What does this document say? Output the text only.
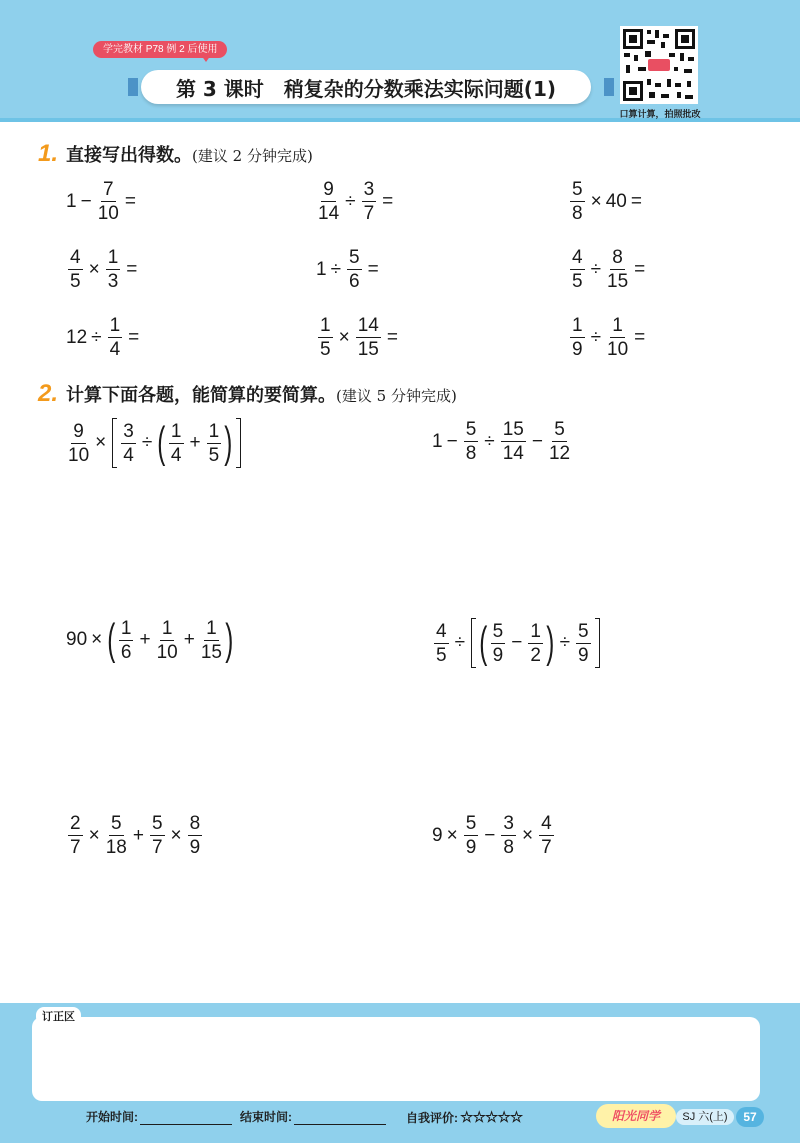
学完教材 P78 例 2 后使用
第 3 课时 稍复杂的分数乘法实际问题(1)
口算计算，拍照批改
1. 直接写出得数。(建议 2 分钟完成)
$1 - \frac{7}{10}$ =	$\frac{9}{14} \div \frac{3}{7}$ =	$\frac{5}{8} \times 40$ =
$\frac{4}{5} \times \frac{1}{3}$ =	$1 \div \frac{5}{6}$ =	$\frac{4}{5} \div \frac{8}{15}$ =
$12 \div \frac{1}{4}$ =	$\frac{1}{5} \times \frac{14}{15}$ =	$\frac{1}{9} \div \frac{1}{10}$ =
2. 计算下面各题，能简算的要简算。(建议 5 分钟完成)
$\frac{9}{10} \times \frac{3}{4}$ ÷ ( $\frac{1}{4} + \frac{1}{5}$ )	$1 - \frac{5}{8} \div \frac{15}{14} - \frac{5}{12}$
90 × ( $\frac{1}{6} + \frac{1}{10} + \frac{1}{15}$ )	$\frac{4}{5}$ ÷ ( $\frac{5}{9} - \frac{1}{2}$ ) ÷ $\frac{5}{9}$
$\frac{2}{7} \times \frac{5}{18} + \frac{5}{7} \times \frac{8}{9}$	$9 \times \frac{5}{9} - \frac{3}{8} \times \frac{4}{7}$
订正区
开始时间:	结束时间:	自我评价: ☆☆☆☆☆	阳光同学	SJ 六(上)	57
